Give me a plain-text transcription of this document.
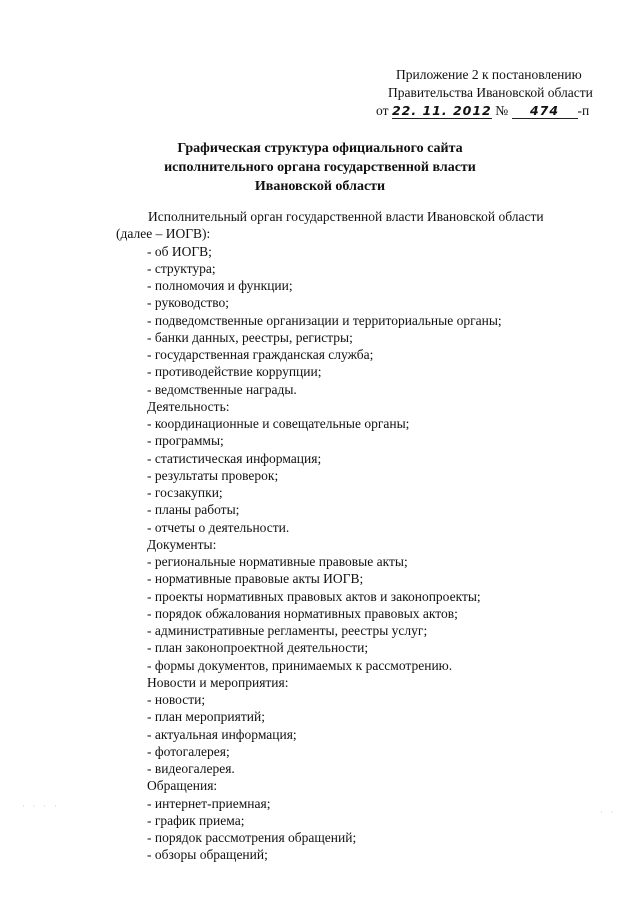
Приложение 2 к постановлению
Правительства Ивановской области
от 22. 11. 2012 № 474 -п
Графическая структура официального сайта
исполнительного органа государственной власти
Ивановской области
Исполнительный орган государственной власти Ивановской области
(далее – ИОГВ):
- об ИОГВ;
- структура;
- полномочия и функции;
- руководство;
- подведомственные организации и территориальные органы;
- банки данных, реестры, регистры;
- государственная гражданская служба;
- противодействие коррупции;
- ведомственные награды.
Деятельность:
- координационные и совещательные органы;
- программы;
- статистическая информация;
- результаты проверок;
- госзакупки;
- планы работы;
- отчеты о деятельности.
Документы:
- региональные нормативные правовые акты;
- нормативные правовые акты ИОГВ;
- проекты нормативных правовых актов и законопроекты;
- порядок обжалования нормативных правовых актов;
- административные регламенты, реестры услуг;
- план законопроектной деятельности;
- формы документов, принимаемых к рассмотрению.
Новости и мероприятия:
- новости;
- план мероприятий;
- актуальная информация;
- фотогалерея;
- видеогалерея.
Обращения:
- интернет-приемная;
- график приема;
- порядок рассмотрения обращений;
- обзоры обращений;
· · · ·
· ·
